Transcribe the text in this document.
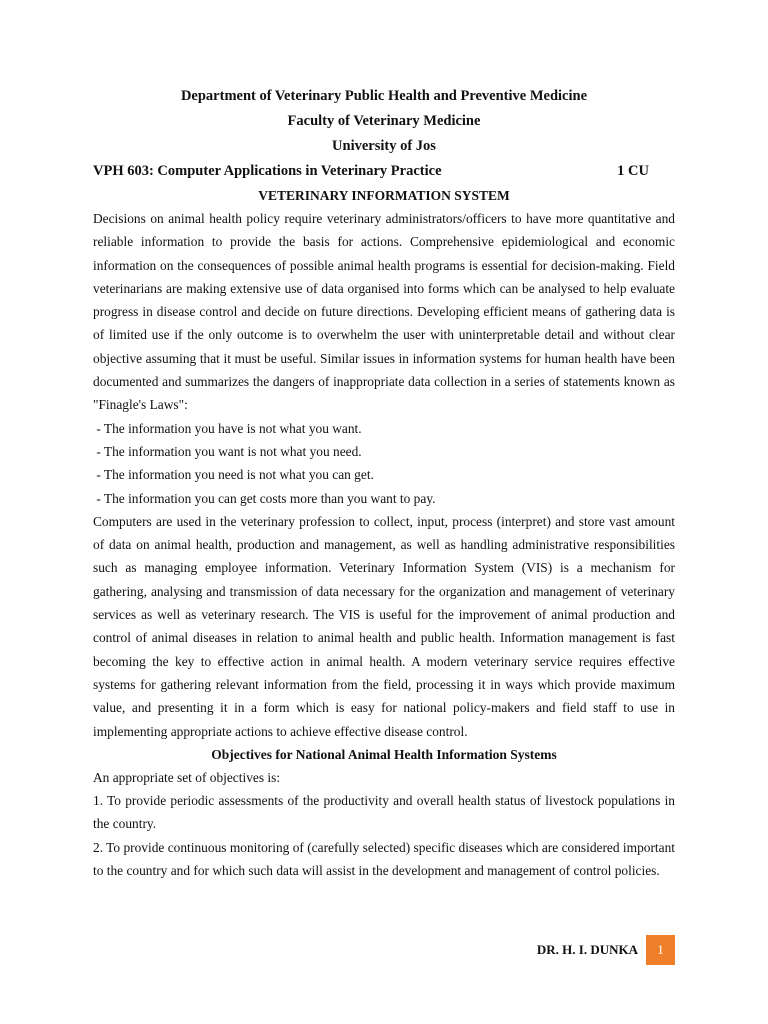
Department of Veterinary Public Health and Preventive Medicine

Faculty of Veterinary Medicine

University of Jos

VPH 603: Computer Applications in Veterinary Practice	1 CU

VETERINARY INFORMATION SYSTEM

Decisions on animal health policy require veterinary administrators/officers to have more quantitative and reliable information to provide the basis for actions. Comprehensive epidemiological and economic information on the consequences of possible animal health programs is essential for decision-making. Field veterinarians are making extensive use of data organised into forms which can be analysed to help evaluate progress in disease control and decide on future directions. Developing efficient means of gathering data is of limited use if the only outcome is to overwhelm the user with uninterpretable detail and without clear objective assuming that it must be useful. Similar issues in information systems for human health have been documented and summarizes the dangers of inappropriate data collection in a series of statements known as "Finagle's Laws":

- The information you have is not what you want.

- The information you want is not what you need.

- The information you need is not what you can get.

- The information you can get costs more than you want to pay.

Computers are used in the veterinary profession to collect, input, process (interpret) and store vast amount of data on animal health, production and management, as well as handling administrative responsibilities such as managing employee information. Veterinary Information System (VIS) is a mechanism for gathering, analysing and transmission of data necessary for the organization and management of veterinary services as well as veterinary research. The VIS is useful for the improvement of animal production and control of animal diseases in relation to animal health and public health. Information management is fast becoming the key to effective action in animal health. A modern veterinary service requires effective systems for gathering relevant information from the field, processing it in ways which provide maximum value, and presenting it in a form which is easy for national policy-makers and field staff to use in implementing appropriate actions to achieve effective disease control.

Objectives for National Animal Health Information Systems

An appropriate set of objectives is:

1. To provide periodic assessments of the productivity and overall health status of livestock populations in the country.

2. To provide continuous monitoring of (carefully selected) specific diseases which are considered important to the country and for which such data will assist in the development and management of control policies.

DR. H. I. DUNKA	1
